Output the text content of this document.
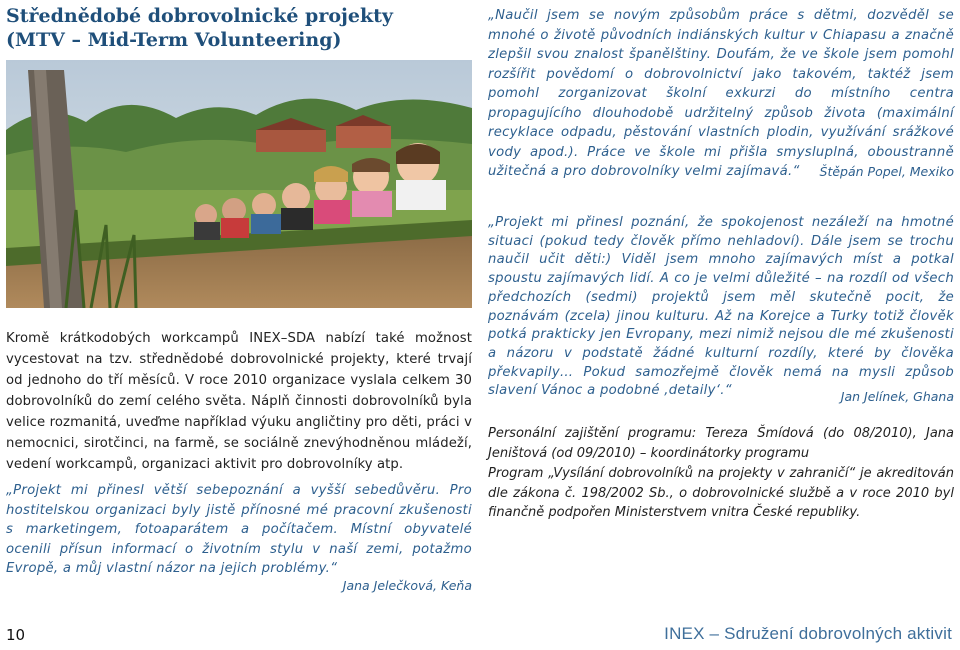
Střednědobé dobrovolnické projekty
(MTV – Mid-Term Volunteering)

Kromě krátkodobých workcampů INEX–SDA nabízí také možnost vycestovat na tzv. střednědobé dobrovolnické projekty, které trvají od jednoho do tří měsíců. V roce 2010 organizace vyslala celkem 30 dobrovolníků do zemí celého světa. Náplň činnosti dobrovolníků byla velice rozmanitá, uveďme například výuku angličtiny pro děti, práci v nemocnici, sirotčinci, na farmě, se sociálně znevýhodněnou mládeží, vedení workcampů, organizaci aktivit pro dobrovolníky atp.

„Projekt mi přinesl větší sebepoznání a vyšší sebedůvěru. Pro hostitelskou organizaci byly jistě přínosné mé pracovní zkušenosti s marketingem, fotoaparátem a počítačem. Místní obyvatelé ocenili přísun informací o životním stylu v naší zemi, potažmo Evropě, a můj vlastní názor na jejich problémy.“

Jana Jelečková, Keňa

„Naučil jsem se novým způsobům práce s dětmi, dozvěděl se mnohé o životě původních indiánských kultur v Chiapasu a značně zlepšil svou znalost španělštiny. Doufám, že ve škole jsem pomohl rozšířit povědomí o dobrovolnictví jako takovém, taktéž jsem pomohl zorganizovat školní exkurzi do místního centra propagujícího dlouhodobě udržitelný způsob života (maximální recyklace odpadu, pěstování vlastních plodin, využívání srážkové vody apod.). Práce ve škole mi přišla smysluplná, oboustranně užitečná a pro dobrovolníky velmi zajímavá.“	Štěpán Popel, Mexiko

„Projekt mi přinesl poznání, že spokojenost nezáleží na hmotné situaci (pokud tedy člověk přímo nehladoví). Dále jsem se trochu naučil učit děti:) Viděl jsem mnoho zajímavých míst a potkal spoustu zajímavých lidí. A co je velmi důležité – na rozdíl od všech předchozích (sedmi) projektů jsem měl skutečně pocit, že poznávám (zcela) jinou kulturu. Až na Korejce a Turky totiž člověk potká prakticky jen Evropany, mezi nimiž nejsou dle mé zkušenosti a názoru v podstatě žádné kulturní rozdíly, které by člověka překvapily… Pokud samozřejmě člověk nemá na mysli způsob slavení Vánoc a podobné ‚detaily‘.“	Jan Jelínek, Ghana

Personální zajištění programu: Tereza Šmídová (do 08/2010), Jana Jeništová (od 09/2010) – koordinátorky programu

Program „Vysílání dobrovolníků na projekty v zahraničí“ je akreditován dle zákona č. 198/2002 Sb., o dobrovolnické službě a v roce 2010 byl finančně podpořen Ministerstvem vnitra České republiky.

10	INEX – Sdružení dobrovolných aktivit
